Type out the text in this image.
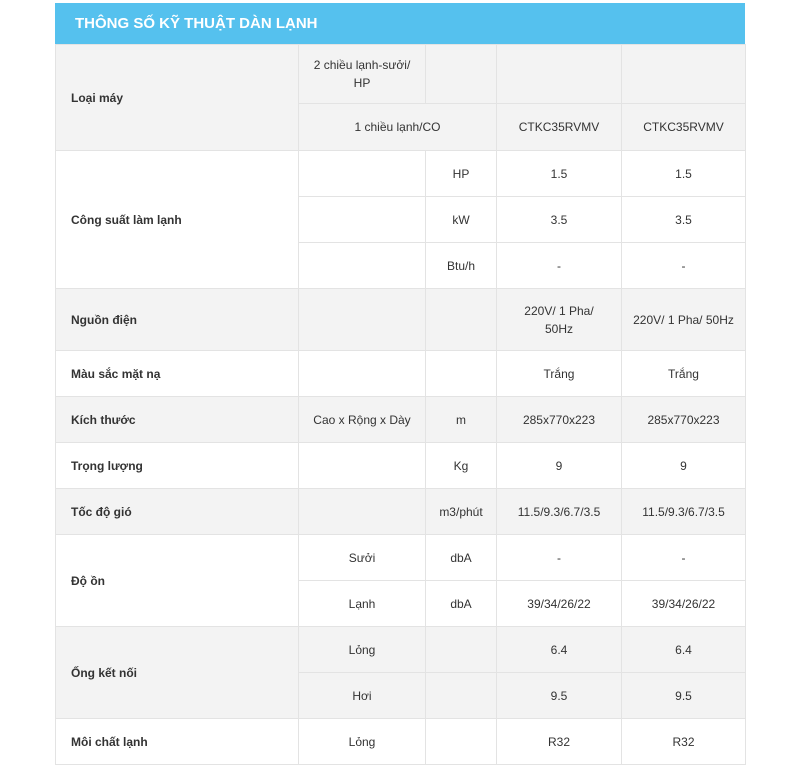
THÔNG SỐ KỸ THUẬT DÀN LẠNH
Loại máy	2 chiều lạnh-sưởi/ HP			
	1 chiều lạnh/CO		CTKC35RVMV	CTKC35RVMV
Công suất làm lạnh		HP	1.5	1.5
		kW	3.5	3.5
		Btu/h	-	-
Nguồn điện			220V/ 1 Pha/ 50Hz	220V/ 1 Pha/ 50Hz
Màu sắc mặt nạ			Trắng	Trắng
Kích thước	Cao x Rộng x Dày	m	285x770x223	285x770x223
Trọng lượng		Kg	9	9
Tốc độ gió		m3/phút	11.5/9.3/6.7/3.5	11.5/9.3/6.7/3.5
Độ ồn	Sưởi	dbA	-	-
	Lạnh	dbA	39/34/26/22	39/34/26/22
Ống kết nối	Lỏng		6.4	6.4
	Hơi		9.5	9.5
Môi chất lạnh	Lỏng		R32	R32
